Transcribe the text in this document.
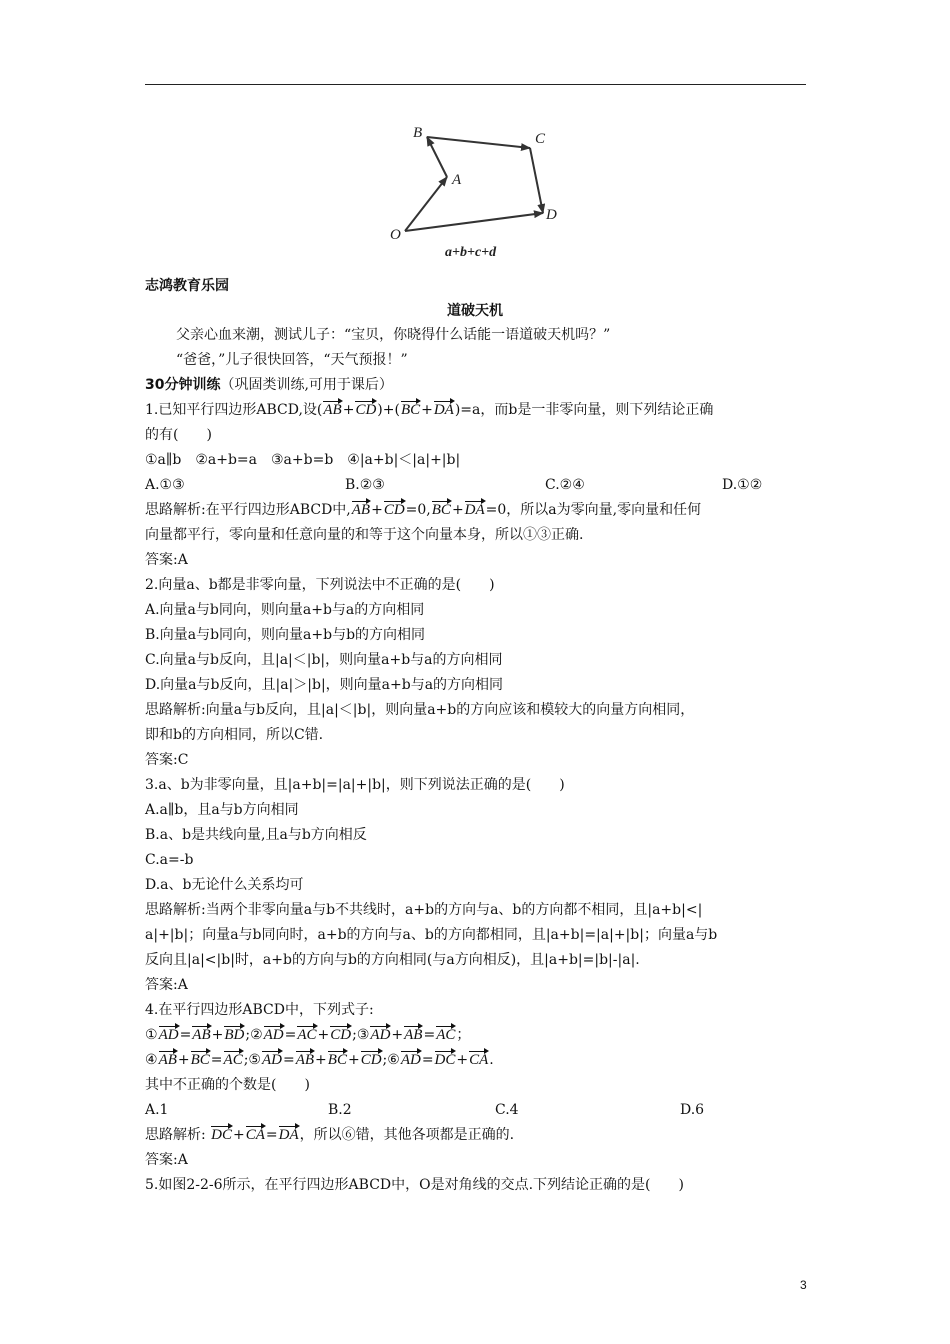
B	C
A
O
D
a+b+c+d
志鸿教育乐园
道破天机
父亲心血来潮，测试儿子：“宝贝，你晓得什么话能一语道破天机吗？”
“爸爸，”儿子很快回答，“天气预报！”
30分钟训练（巩固类训练,可用于课后）
1.已知平行四边形ABCD,设(AB+CD)+(BC+DA)=a，而b是一非零向量，则下列结论正确
的有(　　)
①a∥b　②a+b=a　③a+b=b　④|a+b|＜|a|+|b|
A.①③	B.②③	C.②④	D.①②
思路解析:在平行四边形ABCD中,AB+CD=0,BC+DA=0，所以a为零向量,零向量和任何
向量都平行，零向量和任意向量的和等于这个向量本身，所以①③正确.
答案:A
2.向量a、b都是非零向量，下列说法中不正确的是(　　)
A.向量a与b同向，则向量a+b与a的方向相同
B.向量a与b同向，则向量a+b与b的方向相同
C.向量a与b反向，且|a|＜|b|，则向量a+b与a的方向相同
D.向量a与b反向，且|a|＞|b|，则向量a+b与a的方向相同
思路解析:向量a与b反向，且|a|＜|b|，则向量a+b的方向应该和模较大的向量方向相同，
即和b的方向相同，所以C错.
答案:C
3.a、b为非零向量，且|a+b|=|a|+|b|，则下列说法正确的是(　　)
A.a∥b，且a与b方向相同
B.a、b是共线向量,且a与b方向相反
C.a=-b
D.a、b无论什么关系均可
思路解析:当两个非零向量a与b不共线时，a+b的方向与a、b的方向都不相同，且|a+b|<|
a|+|b|；向量a与b同向时，a+b的方向与a、b的方向都相同，且|a+b|=|a|+|b|；向量a与b
反向且|a|<|b|时，a+b的方向与b的方向相同(与a方向相反)，且|a+b|=|b|-|a|.
答案:A
4.在平行四边形ABCD中，下列式子:
①AD=AB+BD;②AD=AC+CD;③AD+AB=AC；
④AB+BC=AC;⑤AD=AB+BC+CD;⑥AD=DC+CA.
其中不正确的个数是(　　)
A.1	B.2	C.4	D.6
思路解析: DC+CA=DA，所以⑥错，其他各项都是正确的.
答案:A
5.如图2-2-6所示，在平行四边形ABCD中，O是对角线的交点.下列结论正确的是(　　)
3
